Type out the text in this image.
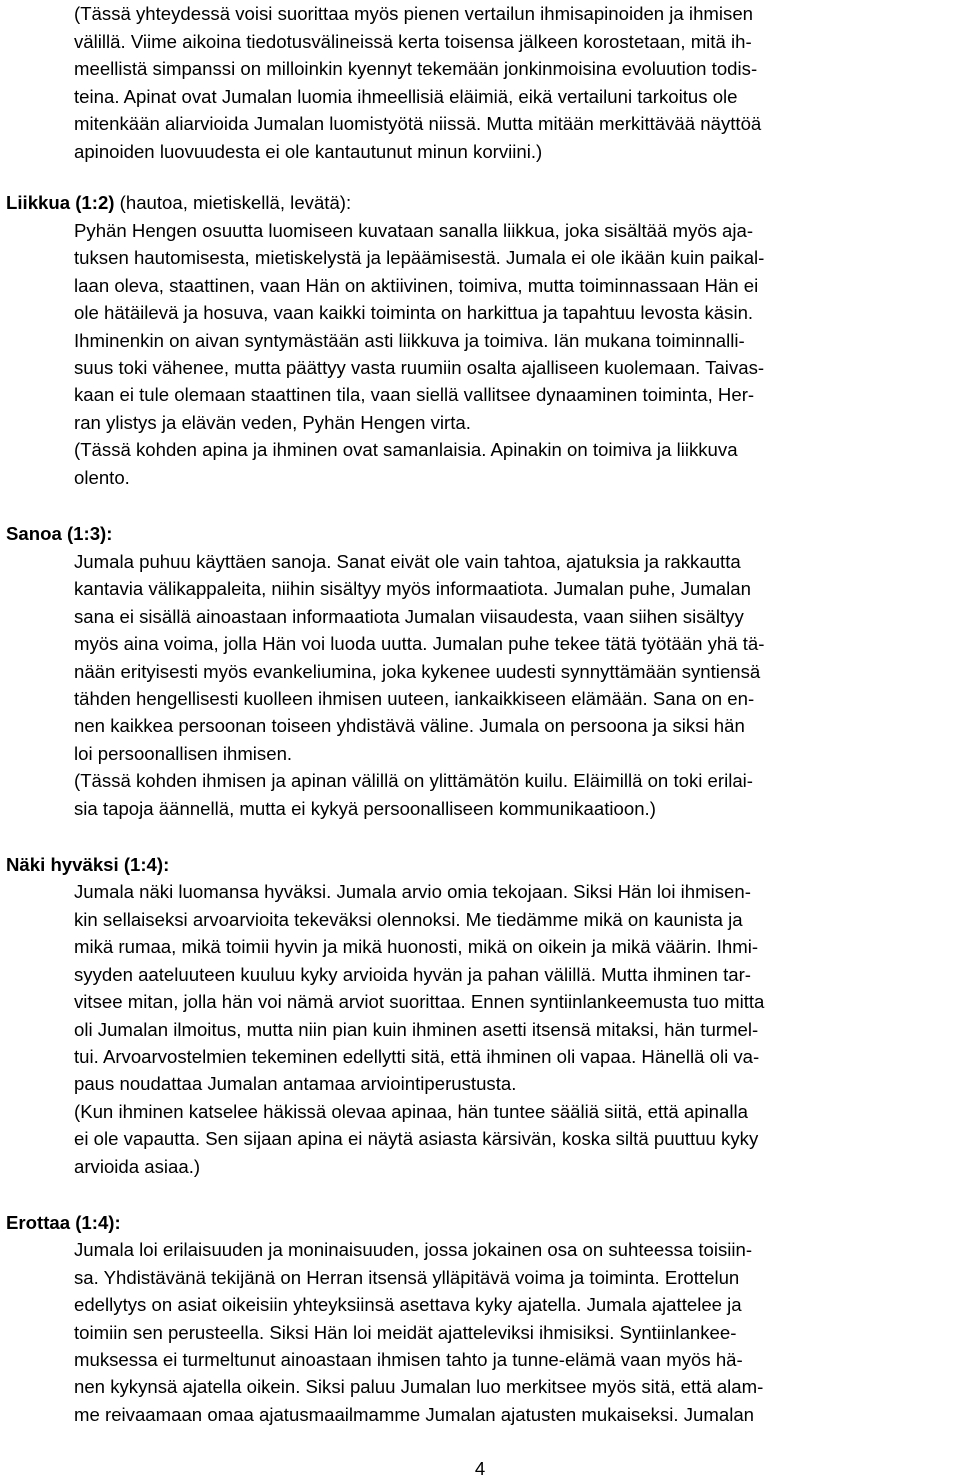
(Tässä yhteydessä voisi suorittaa myös pienen vertailun ihmisapinoiden ja ihmisen
välillä. Viime aikoina tiedotusvälineissä kerta toisensa jälkeen korostetaan, mitä ih-
meellistä simpanssi on milloinkin kyennyt tekemään jonkinmoisina evoluution todis-
teina. Apinat ovat Jumalan luomia ihmeellisiä eläimiä, eikä vertailuni tarkoitus ole
mitenkään aliarvioida Jumalan luomistyötä niissä. Mutta mitään merkittävää näyttöä
apinoiden luovuudesta ei ole kantautunut minun korviini.)
Liikkua (1:2) (hautoa, mietiskellä, levätä):
Pyhän Hengen osuutta luomiseen kuvataan sanalla liikkua, joka sisältää myös aja-
tuksen hautomisesta, mietiskelystä ja lepäämisestä. Jumala ei ole ikään kuin paikal-
laan oleva, staattinen, vaan Hän on aktiivinen, toimiva, mutta toiminnassaan Hän ei
ole hätäilevä ja hosuva, vaan kaikki toiminta on harkittua ja tapahtuu levosta käsin.
Ihminenkin on aivan syntymästään asti liikkuva ja toimiva. Iän mukana toiminnalli-
suus toki vähenee, mutta päättyy vasta ruumiin osalta ajalliseen kuolemaan. Taivas-
kaan ei tule olemaan staattinen tila, vaan siellä vallitsee dynaaminen toiminta, Her-
ran ylistys ja elävän veden, Pyhän Hengen virta.
(Tässä kohden apina ja ihminen ovat samanlaisia. Apinakin on toimiva ja liikkuva
olento.
Sanoa (1:3):
Jumala puhuu käyttäen sanoja. Sanat eivät ole vain tahtoa, ajatuksia ja rakkautta
kantavia välikappaleita, niihin sisältyy myös informaatiota. Jumalan puhe, Jumalan
sana ei sisällä ainoastaan informaatiota Jumalan viisaudesta, vaan siihen sisältyy
myös aina voima, jolla Hän voi luoda uutta. Jumalan puhe tekee tätä työtään yhä tä-
nään erityisesti myös evankeliumina, joka kykenee uudesti synnyttämään syntiensä
tähden hengellisesti kuolleen ihmisen uuteen, iankaikkiseen elämään. Sana on en-
nen kaikkea persoonan toiseen yhdistävä väline. Jumala on persoona ja siksi hän
loi persoonallisen ihmisen.
(Tässä kohden ihmisen ja apinan välillä on ylittämätön kuilu. Eläimillä on toki erilai-
sia tapoja äännellä, mutta ei kykyä persoonalliseen kommunikaatioon.)
Näki hyväksi (1:4):
Jumala näki luomansa hyväksi. Jumala arvio omia tekojaan. Siksi Hän loi ihmisen-
kin sellaiseksi arvoarvioita tekeväksi olennoksi. Me tiedämme mikä on kaunista ja
mikä rumaa, mikä toimii hyvin ja mikä huonosti, mikä on oikein ja mikä väärin. Ihmi-
syyden aateluuteen kuuluu kyky arvioida hyvän ja pahan välillä. Mutta ihminen tar-
vitsee mitan, jolla hän voi nämä arviot suorittaa. Ennen syntiinlankeemusta tuo mitta
oli Jumalan ilmoitus, mutta niin pian kuin ihminen asetti itsensä mitaksi, hän turmel-
tui. Arvoarvostelmien tekeminen edellytti sitä, että ihminen oli vapaa. Hänellä oli va-
paus noudattaa Jumalan antamaa arviointiperustusta.
(Kun ihminen katselee häkissä olevaa apinaa, hän tuntee sääliä siitä, että apinalla
ei ole vapautta. Sen sijaan apina ei näytä asiasta kärsivän, koska siltä puuttuu kyky
arvioida asiaa.)
Erottaa (1:4):
Jumala loi erilaisuuden ja moninaisuuden, jossa jokainen osa on suhteessa toisiin-
sa. Yhdistävänä tekijänä on Herran itsensä ylläpitävä voima ja toiminta. Erottelun
edellytys on asiat oikeisiin yhteyksiinsä asettava kyky ajatella. Jumala ajattelee ja
toimiin sen perusteella. Siksi Hän loi meidät ajatteleviksi ihmisiksi. Syntiinlankee-
muksessa ei turmeltunut ainoastaan ihmisen tahto ja tunne-elämä vaan myös hä-
nen kykynsä ajatella oikein. Siksi paluu Jumalan luo merkitsee myös sitä, että alam-
me reivaamaan omaa ajatusmaailmamme Jumalan ajatusten mukaiseksi. Jumalan
4
